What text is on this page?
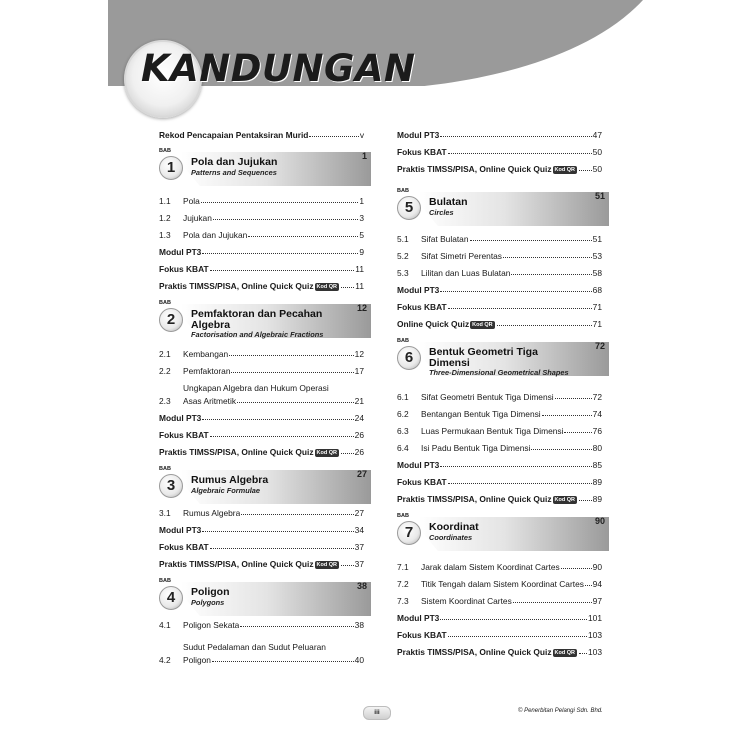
KANDUNGAN
Rekod Pencapaian Pentaksiran Murid	v
BAB
1
1
Pola dan Jujukan
Patterns and Sequences
1.1	Pola	1
1.2	Jujukan	3
1.3	Pola dan Jujukan	5
Modul PT3	9
Fokus KBAT	11
Praktis TIMSS/PISA, Online Quick Quiz Kod QR 11
BAB
2
12
Pemfaktoran dan Pecahan
Algebra
Factorisation and Algebraic Fractions
2.1	Kembangan	12
2.2	Pemfaktoran	17
Ungkapan Algebra dan Hukum Operasi
2.3	Asas Aritmetik	21
Modul PT3	24
Fokus KBAT	26
Praktis TIMSS/PISA, Online Quick Quiz Kod QR 26
BAB
3
27
Rumus Algebra
Algebraic Formulae
3.1	Rumus Algebra	27
Modul PT3	34
Fokus KBAT	37
Praktis TIMSS/PISA, Online Quick Quiz Kod QR 37
BAB
4
38
Poligon
Polygons
4.1	Poligon Sekata	38
Sudut Pedalaman dan Sudut Peluaran
4.2	Poligon	40
Modul PT3	47
Fokus KBAT	50
Praktis TIMSS/PISA, Online Quick Quiz Kod QR 50
BAB
5
51
Bulatan
Circles
5.1	Sifat Bulatan	51
5.2	Sifat Simetri Perentas	53
5.3	Lilitan dan Luas Bulatan	58
Modul PT3	68
Fokus KBAT	71
Online Quick Quiz Kod QR	71
BAB
6
72
Bentuk Geometri Tiga
Dimensi
Three-Dimensional Geometrical Shapes
6.1	Sifat Geometri Bentuk Tiga Dimensi	72
6.2	Bentangan Bentuk Tiga Dimensi	74
6.3	Luas Permukaan Bentuk Tiga Dimensi	76
6.4	Isi Padu Bentuk Tiga Dimensi	80
Modul PT3	85
Fokus KBAT	89
Praktis TIMSS/PISA, Online Quick Quiz Kod QR 89
BAB
7
90
Koordinat
Coordinates
7.1	Jarak dalam Sistem Koordinat Cartes	90
7.2	Titik Tengah dalam Sistem Koordinat Cartes 94
7.3	Sistem Koordinat Cartes	97
Modul PT3	101
Fokus KBAT	103
Praktis TIMSS/PISA, Online Quick Quiz Kod QR 103
iii	© Penerbitan Pelangi Sdn. Bhd.
